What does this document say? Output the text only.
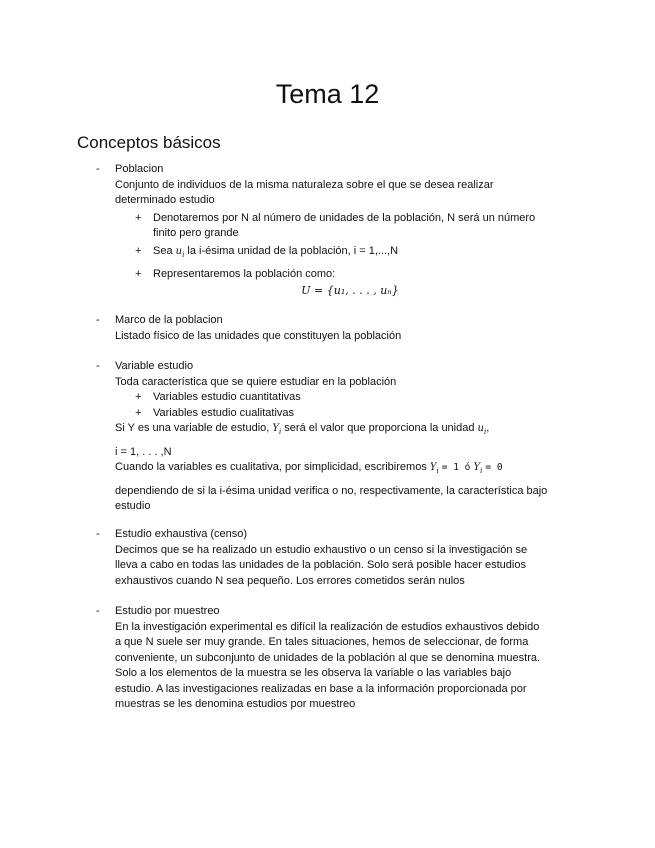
Tema 12
Conceptos básicos
- Poblacion
Conjunto de individuos de la misma naturaleza sobre el que se desea realizar
determinado estudio
+ Denotaremos por N al número de unidades de la población, N será un número
finito pero grande
+ Sea $u_i$ la i-ésima unidad de la población, i = 1,...,N
+ Representaremos la población como:
U = {u₁, . . . , uₙ}
- Marco de la poblacion
Listado físico de las unidades que constituyen la población
- Variable estudio
Toda característica que se quiere estudiar en la población
+ Variables estudio cuantitativas
+ Variables estudio cualitativas
Si Y es una variable de estudio, $Y_i$ será el valor que proporciona la unidad $u_i$,
i = 1, . . . ,N
Cuando la variables es cualitativa, por simplicidad, escribiremos $Y_i = 1$ ó $Y_i = 0$
dependiendo de si la i-ésima unidad verifica o no, respectivamente, la característica bajo
estudio
- Estudio exhaustiva (censo)
Decimos que se ha realizado un estudio exhaustivo o un censo si la investigación se
lleva a cabo en todas las unidades de la población. Solo será posible hacer estudios
exhaustivos cuando N sea pequeño. Los errores cometidos serán nulos
- Estudio por muestreo
En la investigación experimental es difícil la realización de estudios exhaustivos debido
a que N suele ser muy grande. En tales situaciones, hemos de seleccionar, de forma
conveniente, un subconjunto de unidades de la población al que se denomina muestra.
Solo a los elementos de la muestra se les observa la variable o las variables bajo
estudio. A las investigaciones realizadas en base a la información proporcionada por
muestras se les denomina estudios por muestreo
